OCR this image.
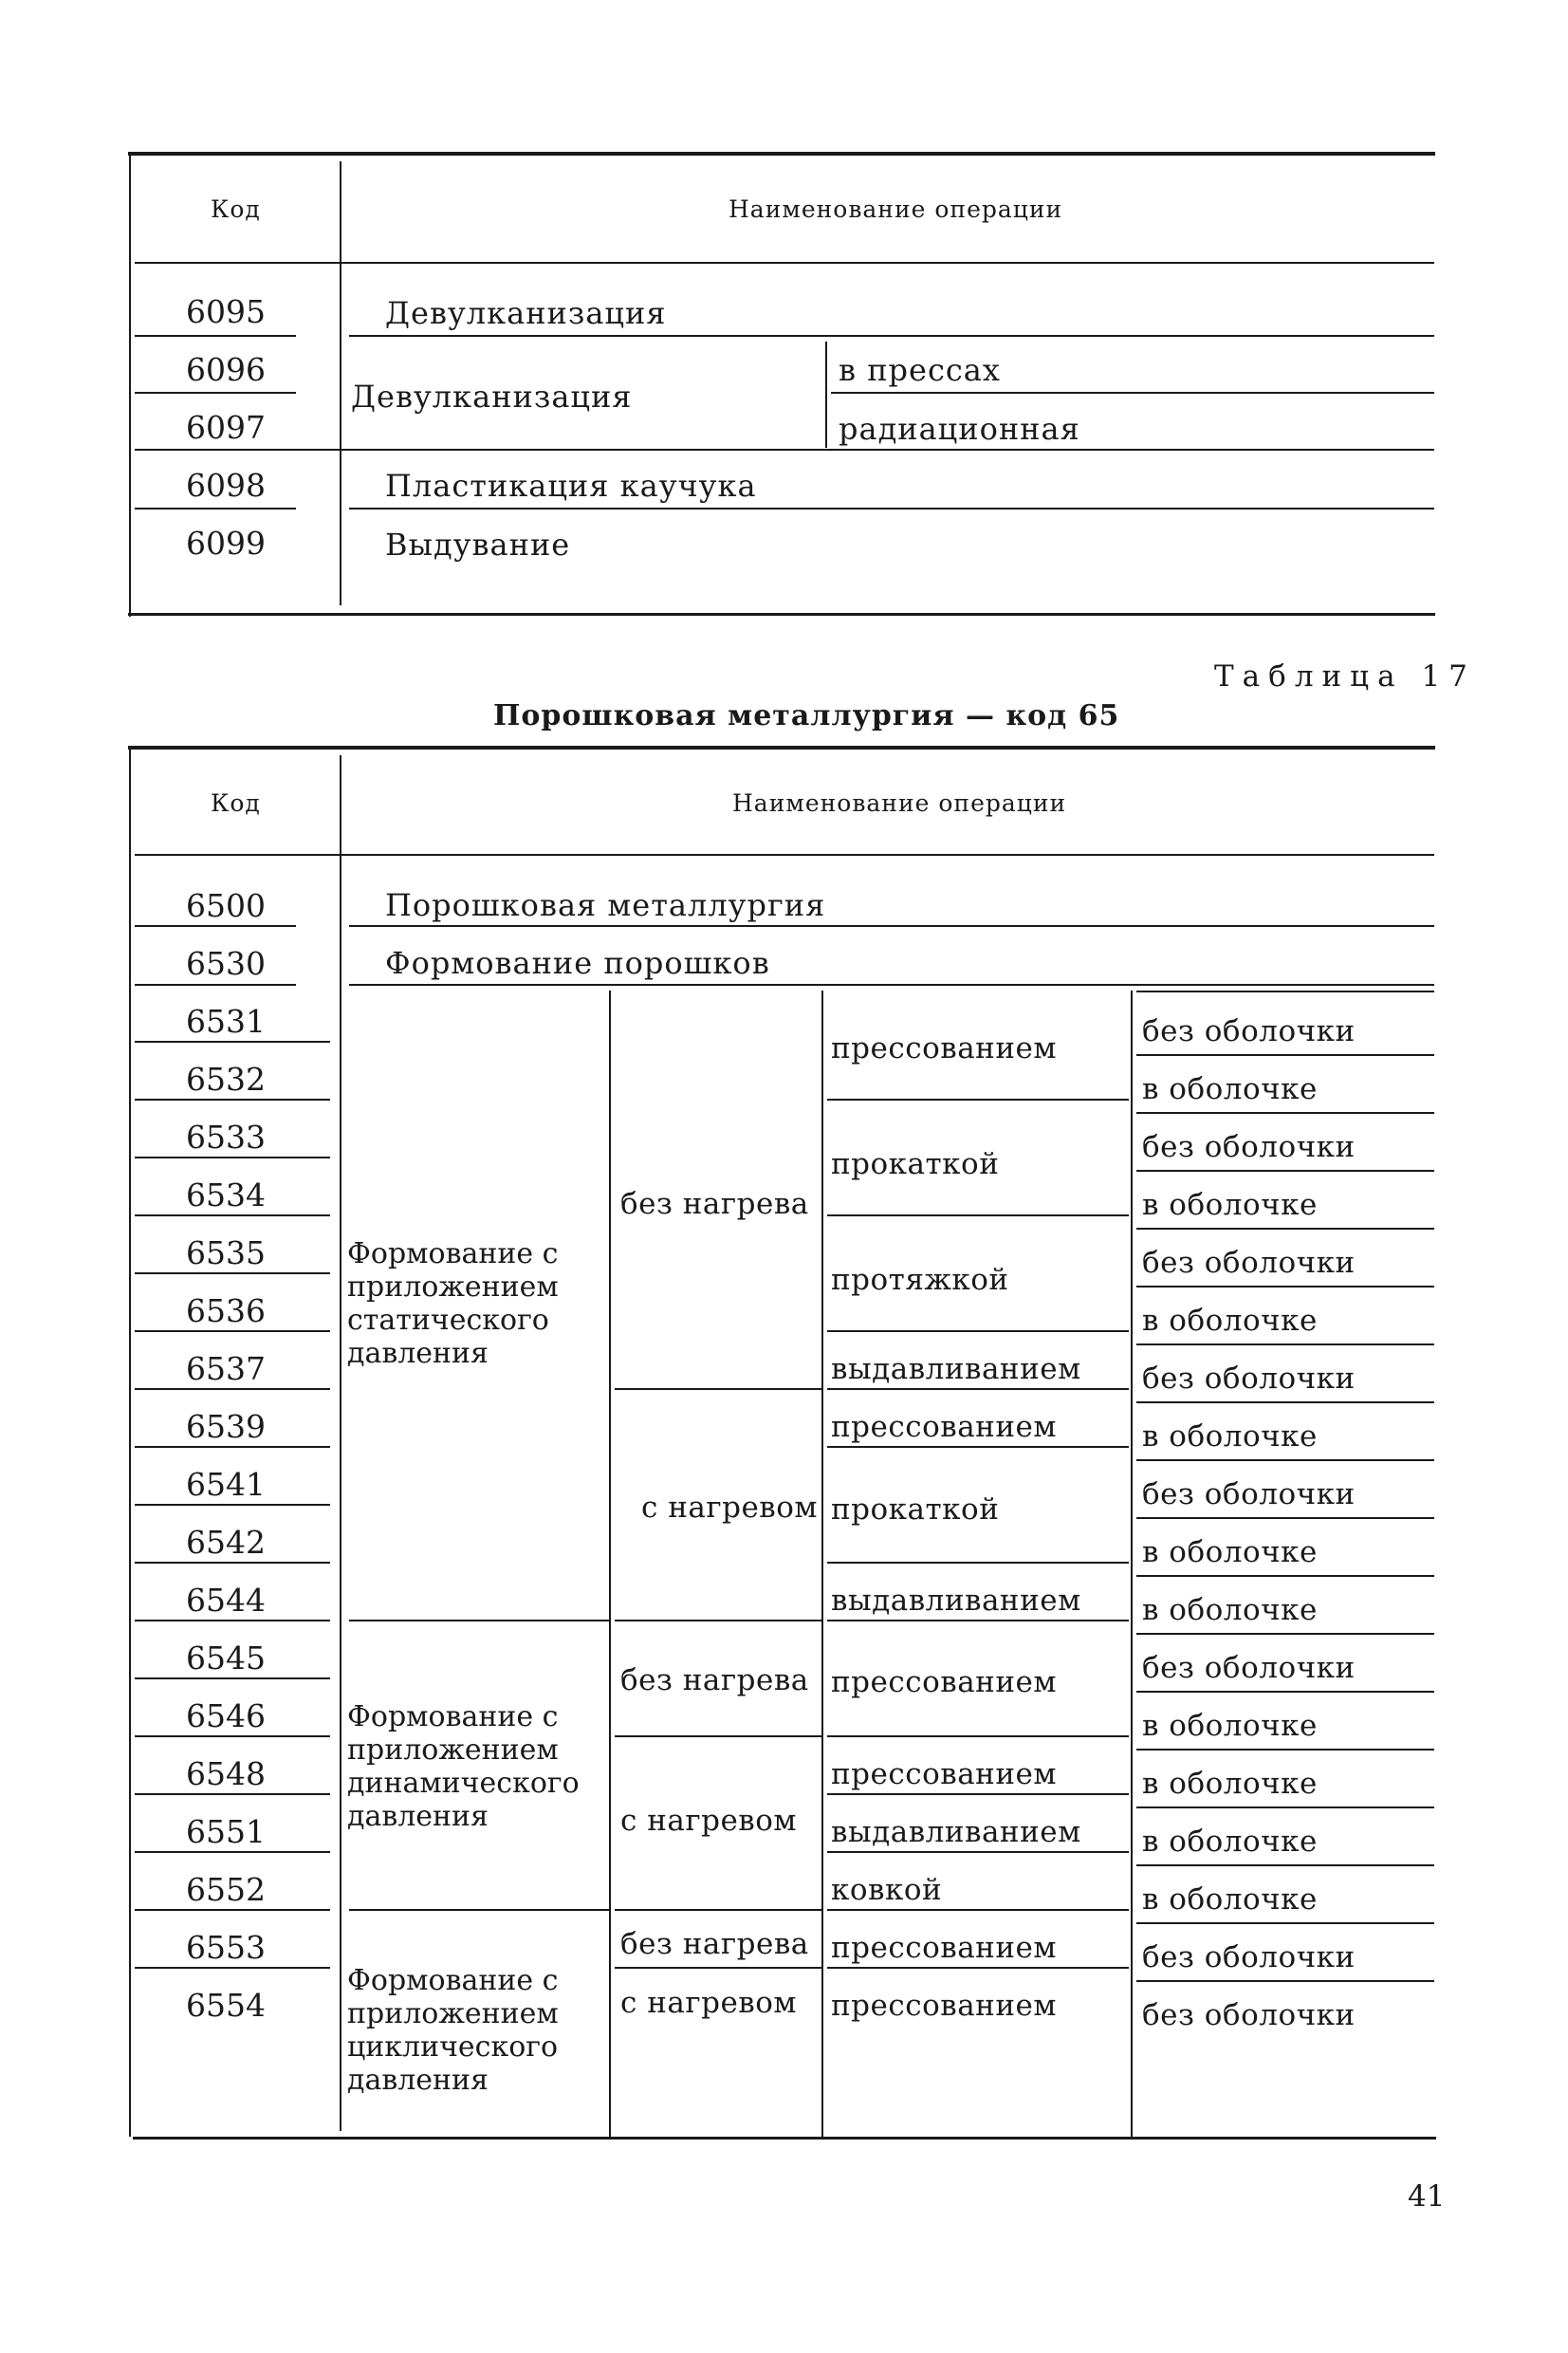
Код	Наименование операции
6095
6096
6097
6098
6099
Девулканизация
Девулканизация
в прессах
радиационная
Пластикация каучука
Выдувание
Таблица 17
Порошковая металлургия — код 65
Код	Наименование операции
Порошковая металлургия
Формование порошков
6500
6530
6531
6532
6533
6534
6535
6536
6537
6539
6541
6542
6544
6545
6546
6548
6551
6552
6553
6554
Формование с приложением статического давления
Формование с приложением динамического давления
Формование с приложением циклического давления
без нагрева
с нагревом
без нагрева
с нагревом
без нагрева
с нагревом
прессованием
прокаткой
протяжкой
выдавливанием
прессованием
прокаткой
выдавливанием
прессованием
прессованием
выдавливанием
ковкой
прессованием
прессованием
без оболочки
в оболочке
без оболочки
в оболочке
без оболочки
в оболочке
без оболочки
в оболочке
без оболочки
в оболочке
в оболочке
без оболочки
в оболочке
в оболочке
в оболочке
в оболочке
без оболочки
без оболочки
41
